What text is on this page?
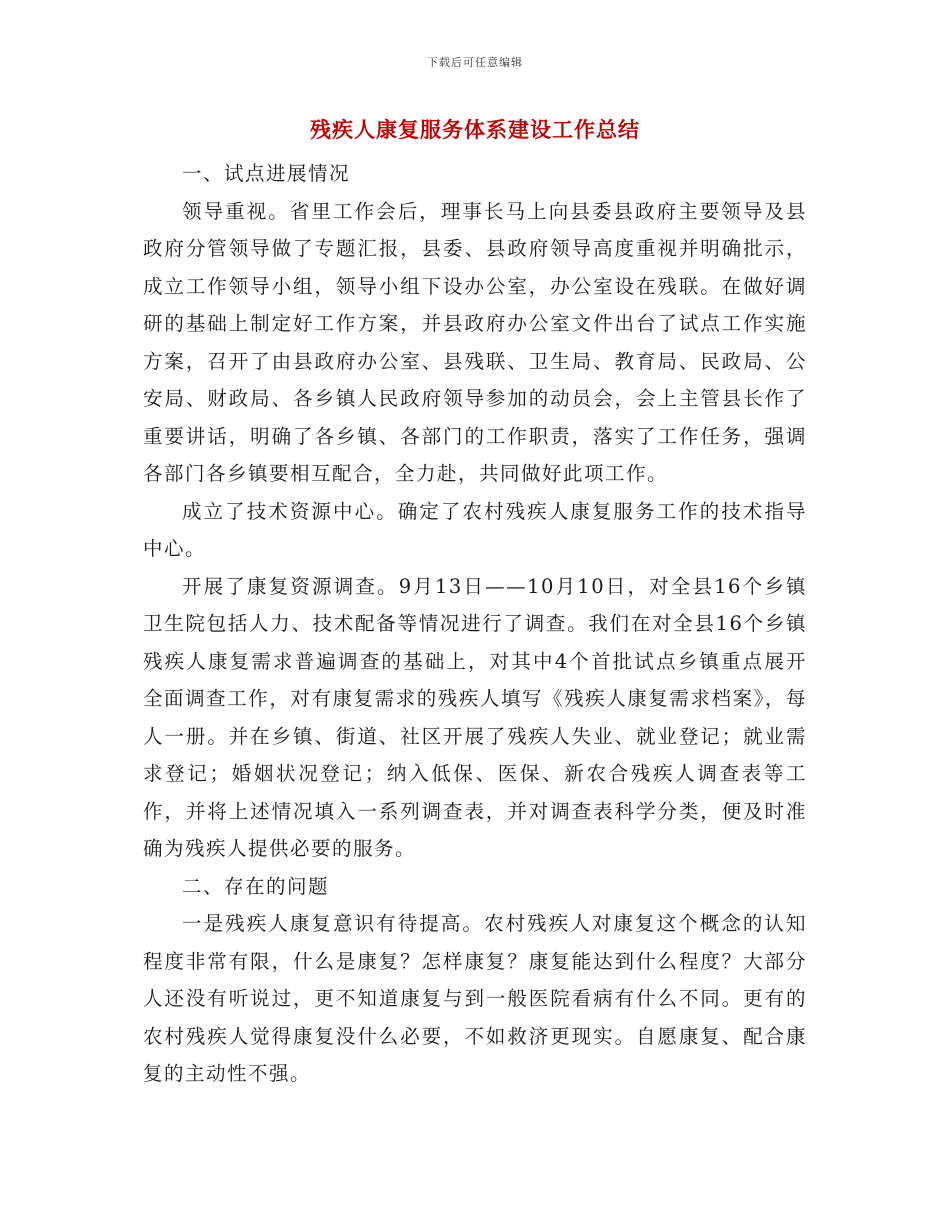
下载后可任意编辑
残疾人康复服务体系建设工作总结

一、试点进展情况

领导重视。省里工作会后，理事长马上向县委县政府主要领导及县政府分管领导做了专题汇报，县委、县政府领导高度重视并明确批示，成立工作领导小组，领导小组下设办公室，办公室设在残联。在做好调研的基础上制定好工作方案，并县政府办公室文件出台了试点工作实施方案，召开了由县政府办公室、县残联、卫生局、教育局、民政局、公安局、财政局、各乡镇人民政府领导参加的动员会，会上主管县长作了重要讲话，明确了各乡镇、各部门的工作职责，落实了工作任务，强调各部门各乡镇要相互配合，全力赴，共同做好此项工作。

成立了技术资源中心。确定了农村残疾人康复服务工作的技术指导中心。

开展了康复资源调查。9月13日——10月10日，对全县16个乡镇卫生院包括人力、技术配备等情况进行了调查。我们在对全县16个乡镇残疾人康复需求普遍调查的基础上，对其中4个首批试点乡镇重点展开全面调查工作，对有康复需求的残疾人填写《残疾人康复需求档案》，每人一册。并在乡镇、街道、社区开展了残疾人失业、就业登记；就业需求登记；婚姻状况登记；纳入低保、医保、新农合残疾人调查表等工作，并将上述情况填入一系列调查表，并对调查表科学分类，便及时准确为残疾人提供必要的服务。

二、存在的问题

一是残疾人康复意识有待提高。农村残疾人对康复这个概念的认知程度非常有限，什么是康复？怎样康复？康复能达到什么程度？大部分人还没有听说过，更不知道康复与到一般医院看病有什么不同。更有的农村残疾人觉得康复没什么必要，不如救济更现实。自愿康复、配合康复的主动性不强。
